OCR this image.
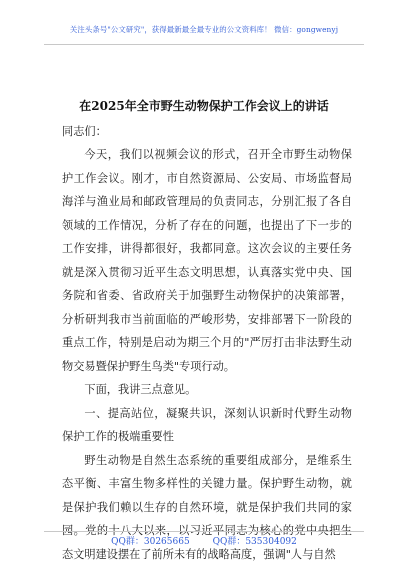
关注头条号"公文研究"，获得最新最全最专业的公文资料库！ 微信：gongwenyj
在2025年全市野生动物保护工作会议上的讲话

同志们：

今天，我们以视频会议的形式，召开全市野生动物保护工作会议。刚才，市自然资源局、公安局、市场监督局海洋与渔业局和邮政管理局的负责同志，分别汇报了各自领域的工作情况，分析了存在的问题，也提出了下一步的工作安排，讲得都很好，我都同意。这次会议的主要任务就是深入贯彻习近平生态文明思想，认真落实党中央、国务院和省委、省政府关于加强野生动物保护的决策部署，分析研判我市当前面临的严峻形势，安排部署下一阶段的重点工作，特别是启动为期三个月的"严厉打击非法野生动物交易暨保护野生鸟类"专项行动。

下面，我讲三点意见。

一、提高站位，凝聚共识，深刻认识新时代野生动物保护工作的极端重要性

野生动物是自然生态系统的重要组成部分，是维系生态平衡、丰富生物多样性的关键力量。保护野生动物，就是保护我们赖以生存的自然环境，就是保护我们共同的家园。党的十八大以来，以习近平同志为核心的党中央把生态文明建设摆在了前所未有的战略高度，强调"人与自然

QQ群：30265665	QQ群：535304092
